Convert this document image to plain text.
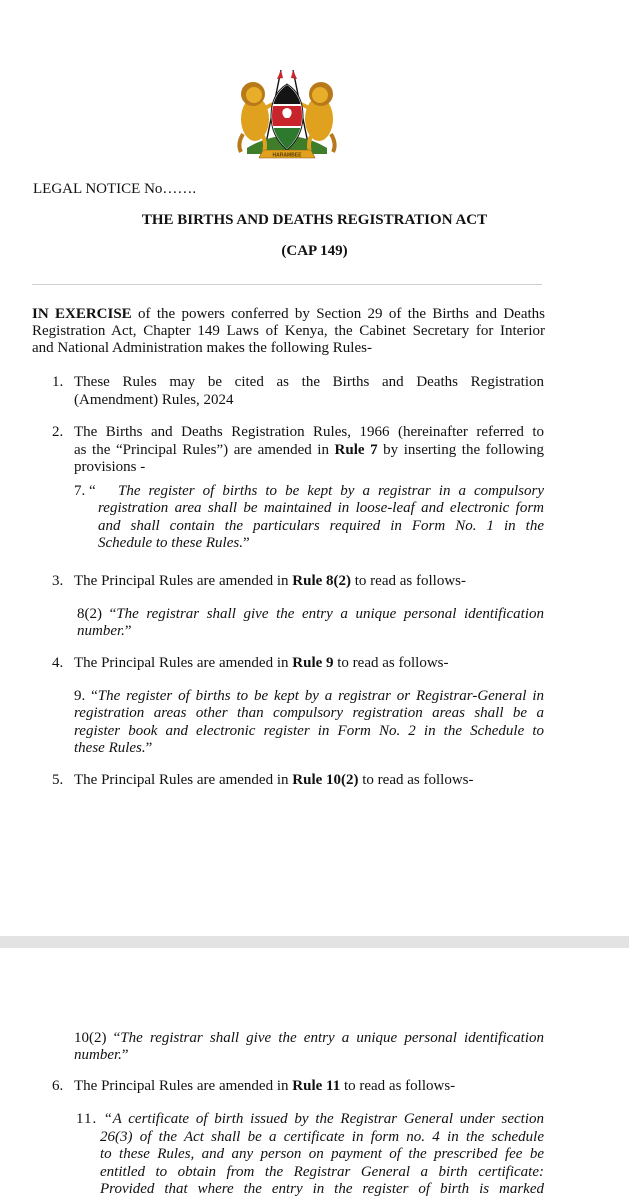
HARAMBEE
LEGAL NOTICE No…….
THE BIRTHS AND DEATHS REGISTRATION ACT
(CAP 149)
IN EXERCISE of the powers conferred by Section 29 of the Births and Deaths
Registration Act, Chapter 149 Laws of Kenya, the Cabinet Secretary for Interior
and National Administration makes the following Rules-
1. These Rules may be cited as the Births and Deaths Registration
(Amendment) Rules, 2024
2. The Births and Deaths Registration Rules, 1966 (hereinafter referred to
as the “Principal Rules”) are amended in Rule 7 by inserting the following
provisions -
7. “ The register of births to be kept by a registrar in a compulsory
registration area shall be maintained in loose-leaf and electronic form
and shall contain the particulars required in Form No. 1 in the
Schedule to these Rules.”
3. The Principal Rules are amended in Rule 8(2) to read as follows-
8(2) “The registrar shall give the entry a unique personal identification
number.”
4. The Principal Rules are amended in Rule 9 to read as follows-
9. “The register of births to be kept by a registrar or Registrar-General in
registration areas other than compulsory registration areas shall be a
register book and electronic register in Form No. 2 in the Schedule to
these Rules.”
5. The Principal Rules are amended in Rule 10(2) to read as follows-
10(2) “The registrar shall give the entry a unique personal identification
number.”
6. The Principal Rules are amended in Rule 11 to read as follows-
11. “A certificate of birth issued by the Registrar General under section
26(3) of the Act shall be a certificate in form no. 4 in the schedule
to these Rules, and any person on payment of the prescribed fee be
entitled to obtain from the Registrar General a birth certificate:
Provided that where the entry in the register of birth is marked
